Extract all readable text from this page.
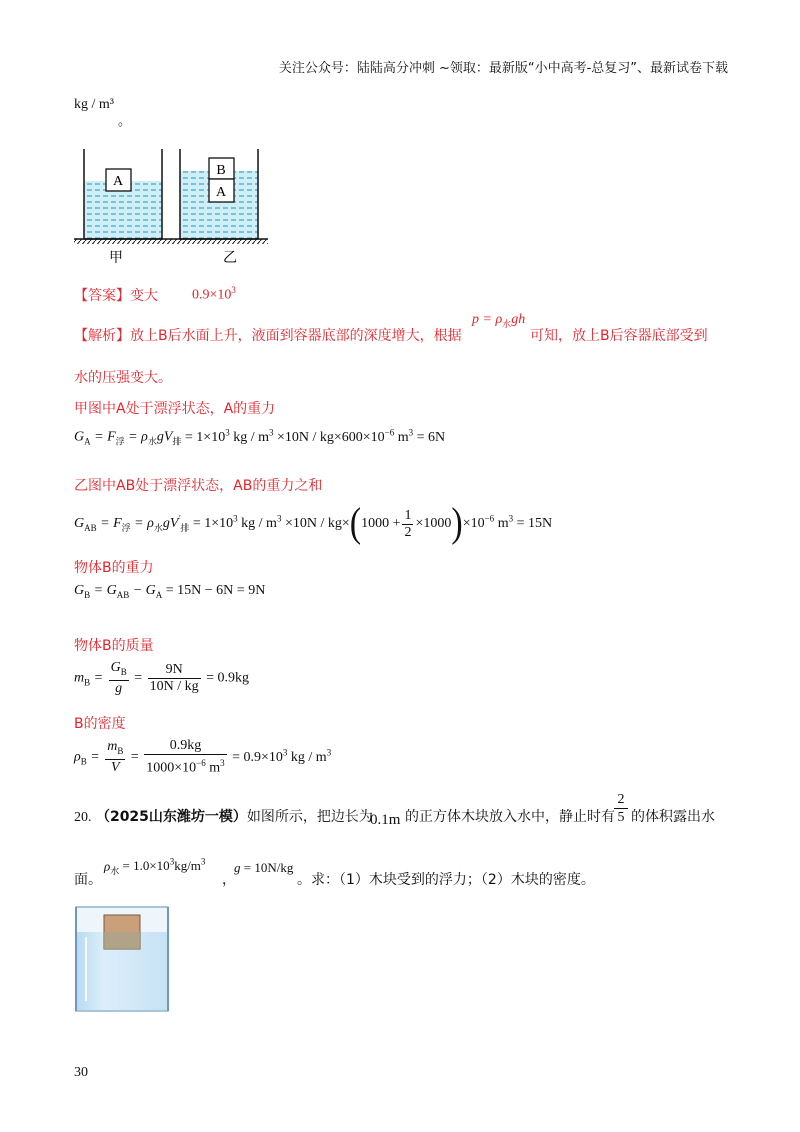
关注公众号：陆陆高分冲刺 ~领取：最新版“小中高考-总复习”、最新试卷下载
kg / m³
。
A
B
A
甲	乙
【答案】变大 $0.9\times 10^3$
【解析】放上B后水面上升，液面到容器底部的深度增大，根据
$p = \rho_水gh$
可知，放上B后容器底部受到
水的压强变大。
甲图中A处于漂浮状态，A的重力
$G_A = F_浮 = \rho_水gV_排 = 1\times 10^3$ kg / $m^3 \times 10N / kg\times 600\times 10^{-6}$ $m^3 = 6N$
乙图中AB处于漂浮状态，AB的重力之和
$G_{AB} = F_浮 = \rho_水gV'_排 = 1\times 10^3$ kg / $m^3 \times 10N / kg\times(1000 + \frac{1}{2} \times 1000)\times 10^{-6}$ $m^3 = 15N$
物体B的重力
$G_B = G_{AB} - G_A = 15N - 6N = 9N$
物体B的质量
$m_B = \frac{G_B}{g} = \frac{9N}{10N / kg} = 0.9kg$
B的密度
$\rho_B = \frac{m_B}{V} = \frac{0.9kg}{1000\times 10^{-6} m^3} = 0.9\times 10^3$ kg / $m^3$
20. （2025山东潍坊一模）如图所示，把边长为
0.1m 的正方体木块放入水中，静止时有 $\frac{2}{5}$ 的体积露出水
面。
$\rho_水 = 1.0\times 10^3kg/m^3$
，
g = 10N/kg
。求：（1）木块受到的浮力；（2）木块的密度。
30
